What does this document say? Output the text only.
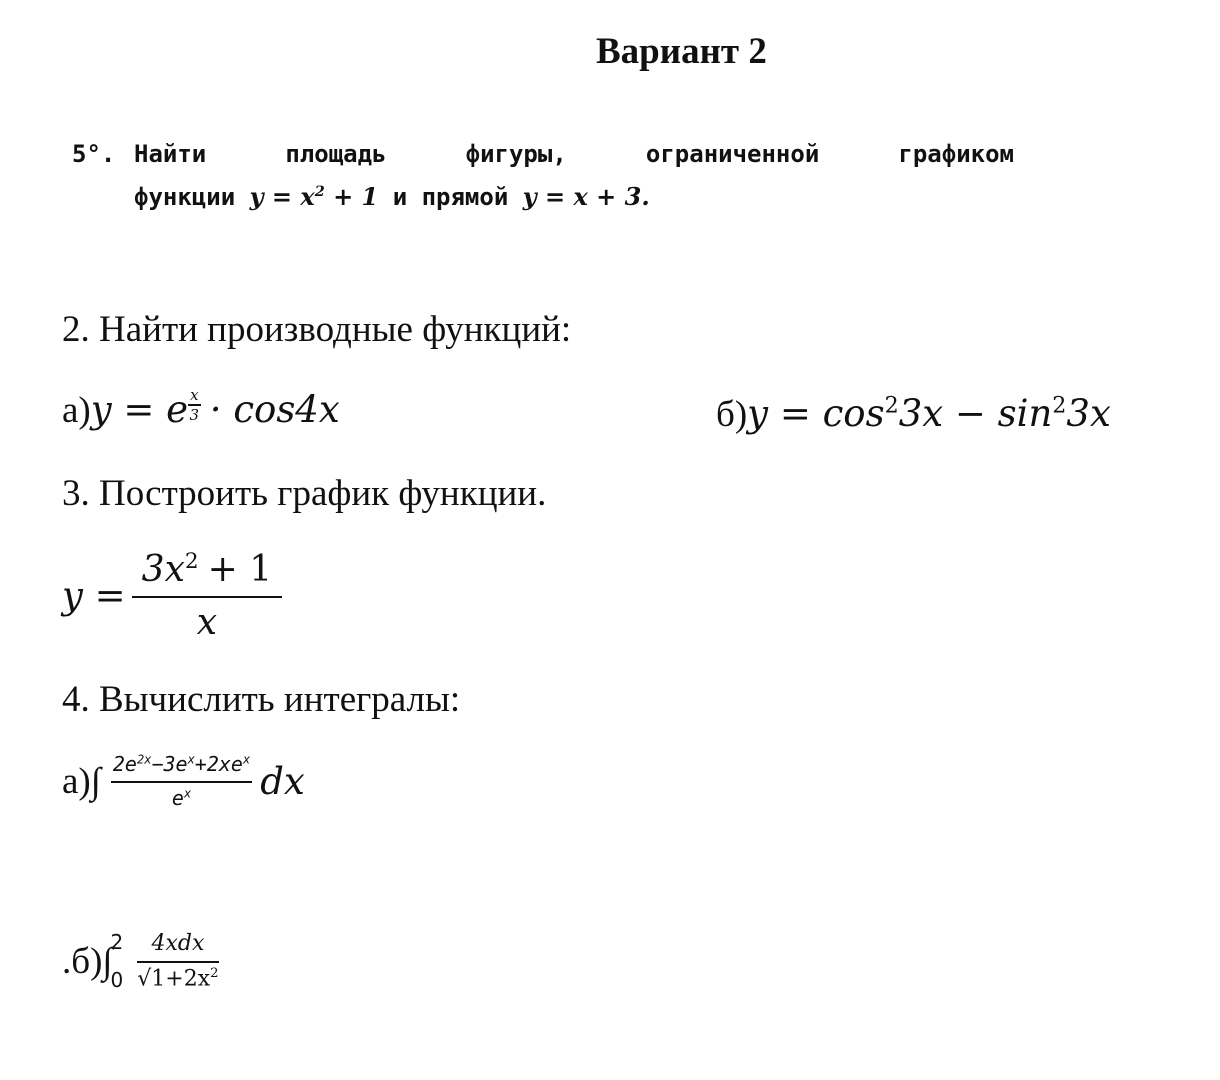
Вариант 2
5°. Найти	площадь	фигуры,	ограниченной	графиком
функции $y = x^2 + 1$ и прямой y = x + 3.
2. Найти производные функций:
а)y = e $\frac{x}{3} \cdot \cos 4x$	$б)y = \cos^23x - \sin^23x$
3. Построить график функции.
$y = \frac{3x^2 + 1}{x}$
4. Вычислить интегралы:
$а)\int \frac{2e^{2x}-3e^x+2xe^x}{e^x}$ dx
.б)∫
2
$0 \frac{\text{4xdx}}{√1+2x^2}$
